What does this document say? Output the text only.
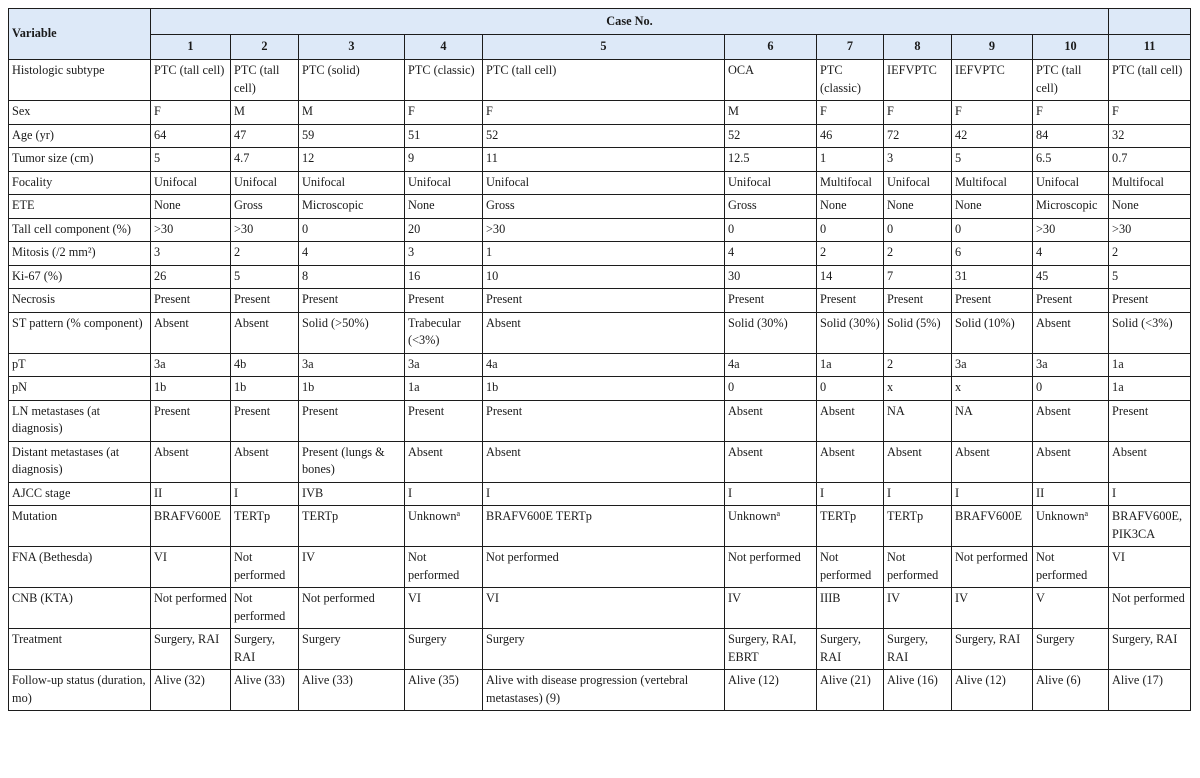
Variable	Case No.										
	1	2	3	4	5	6	7	8	9	10	11
Histologic subtype	PTC (tall cell)	PTC (tall cell)	PTC (solid)	PTC (classic)	PTC (tall cell)	OCA	PTC (classic)	IEFVPTC	IEFVPTC	PTC (tall cell)	PTC (tall cell)
Sex	F	M	M	F	F	M	F	F	F	F	F
Age (yr)	64	47	59	51	52	52	46	72	42	84	32
Tumor size (cm)	5	4.7	12	9	11	12.5	1	3	5	6.5	0.7
Focality	Unifocal	Unifocal	Unifocal	Unifocal	Unifocal	Unifocal	Multifocal	Unifocal	Multifocal	Unifocal	Multifocal
ETE	None	Gross	Microscopic	None	Gross	Gross	None	None	None	Microscopic	None
Tall cell component (%)	>30	>30	0	20	>30	0	0	0	0	>30	>30
Mitosis (/2 mm²)	3	2	4	3	1	4	2	2	6	4	2
Ki-67 (%)	26	5	8	16	10	30	14	7	31	45	5
Necrosis	Present	Present	Present	Present	Present	Present	Present	Present	Present	Present	Present
ST pattern (% component)	Absent	Absent	Solid (>50%)	Trabecular (<3%)	Absent	Solid (30%)	Solid (30%)	Solid (5%)	Solid (10%)	Absent	Solid (<3%)
pT	3a	4b	3a	3a	4a	4a	1a	2	3a	3a	1a
pN	1b	1b	1b	1a	1b	0	0	x	x	0	1a
LN metastases (at diagnosis)	Present	Present	Present	Present	Present	Absent	Absent	NA	NA	Absent	Present
Distant metastases (at diagnosis)	Absent	Absent	Present (lungs & bones)	Absent	Absent	Absent	Absent	Absent	Absent	Absent	Absent
AJCC stage	II	I	IVB	I	I	I	I	I	I	II	I
Mutation	BRAFV600E	TERTp	TERTp	Unknown$^a$	BRAFV600E TERTp	Unknown$^a$	TERTp	TERTp	BRAFV600E	Unknown$^a$	BRAFV600E, PIK3CA
FNA (Bethesda)	VI	Not performed	IV	Not performed	Not performed	Not performed	Not performed	Not performed	Not performed	Not performed	VI
CNB (KTA)	Not performed	Not performed	Not performed	VI	VI	IV	IIIB	IV	IV	V	Not performed
Treatment	Surgery, RAI	Surgery, RAI	Surgery	Surgery	Surgery	Surgery, RAI, EBRT	Surgery, RAI	Surgery, RAI	Surgery, RAI	Surgery	Surgery, RAI
Follow-up status (duration, mo)	Alive (32)	Alive (33)	Alive (33)	Alive (35)	Alive with disease progression (vertebral metastases) (9)	Alive (12)	Alive (21)	Alive (16)	Alive (12)	Alive (6)	Alive (17)
